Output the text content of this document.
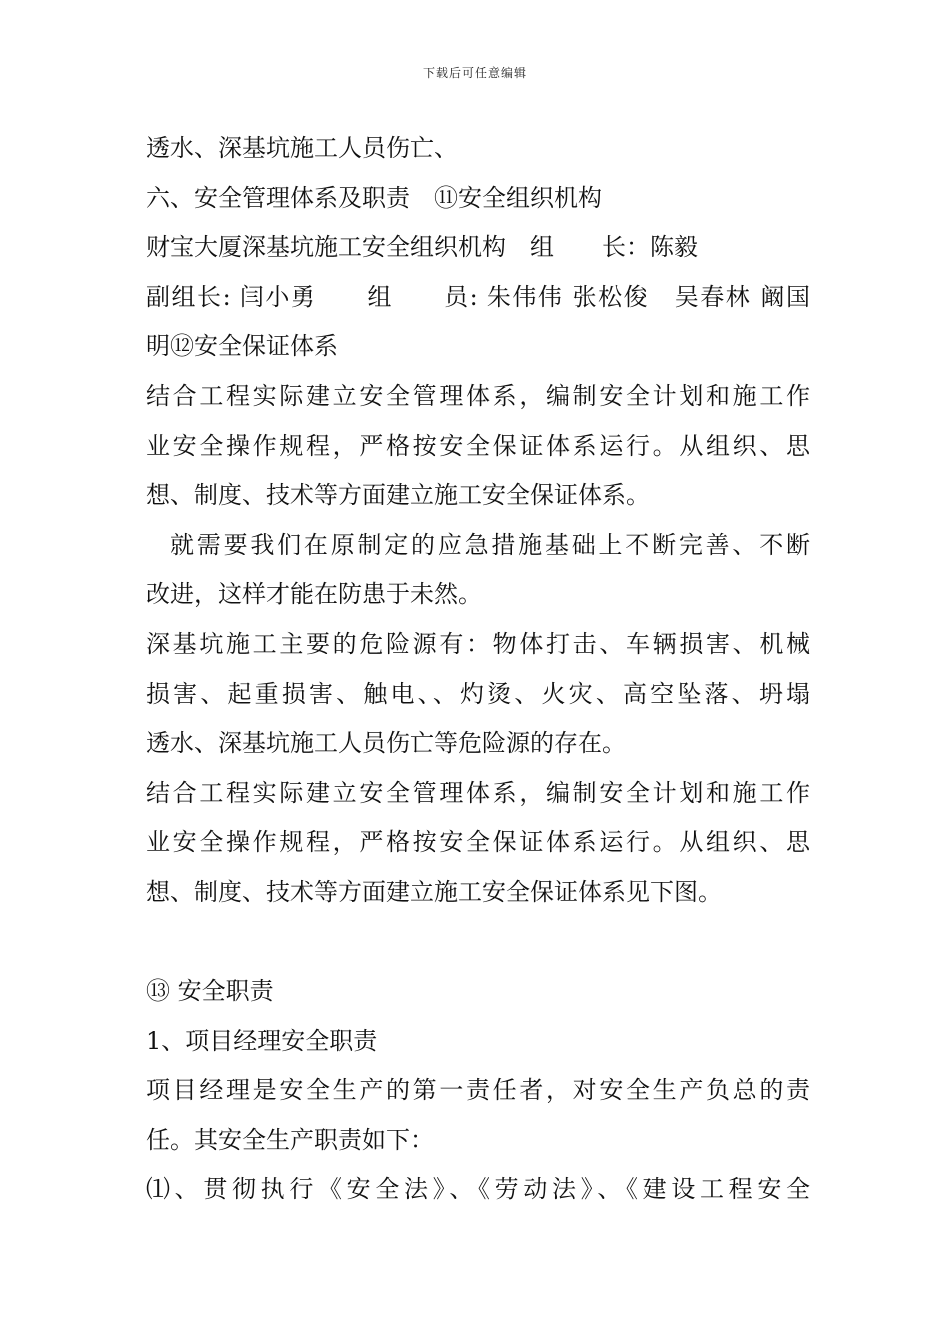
下载后可任意编辑
透水、深基坑施工人员伤亡、
六、安全管理体系及职责　⑪安全组织机构
财宝大厦深基坑施工安全组织机构　组　　长：陈毅
副组长: 闫小勇　　组　　员: 朱伟伟 张松俊　吴春林 阚国
明⑫安全保证体系
结合工程实际建立安全管理体系，编制安全计划和施工作
业安全操作规程，严格按安全保证体系运行。从组织、思
想、制度、技术等方面建立施工安全保证体系。
就需要我们在原制定的应急措施基础上不断完善、不断
改进，这样才能在防患于未然。
深基坑施工主要的危险源有：物体打击、车辆损害、机械
损害、起重损害、触电、、灼烫、火灾、高空坠落、坍塌
透水、深基坑施工人员伤亡等危险源的存在。
结合工程实际建立安全管理体系，编制安全计划和施工作
业安全操作规程，严格按安全保证体系运行。从组织、思
想、制度、技术等方面建立施工安全保证体系见下图。
⑬ 安全职责
1、项目经理安全职责
项目经理是安全生产的第一责任者，对安全生产负总的责
任。其安全生产职责如下：
⑴、贯彻执行《安全法》、《劳动法》、《建设工程安全
